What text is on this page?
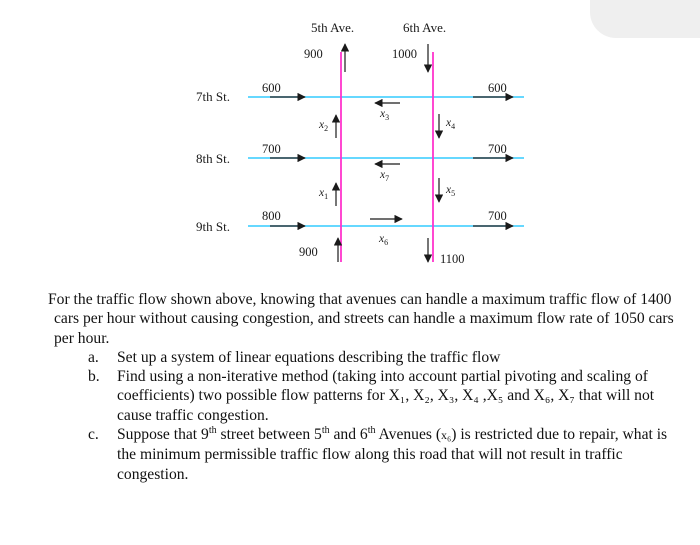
5th Ave.	6th Ave.
7th St.
8th St.
9th St.
900	1000
600	600
700	700
800	700
900	1100
x2
x1
x4
x5
x3
x7
x6

For the traffic flow shown above, knowing that avenues can handle a maximum traffic flow of 1400 cars per hour without causing congestion, and streets can handle a maximum flow rate of 1050 cars per hour.

a. Set up a system of linear equations describing the traffic flow
b. Find using a non-iterative method (taking into account partial pivoting and scaling of coefficients) two possible flow patterns for X₁, X₂, X₃, X₄ ,X₅ and X₆, X₇ that will not cause traffic congestion.
c. Suppose that 9th street between 5th and 6th Avenues (x₆) is restricted due to repair, what is the minimum permissible traffic flow along this road that will not result in traffic congestion.
